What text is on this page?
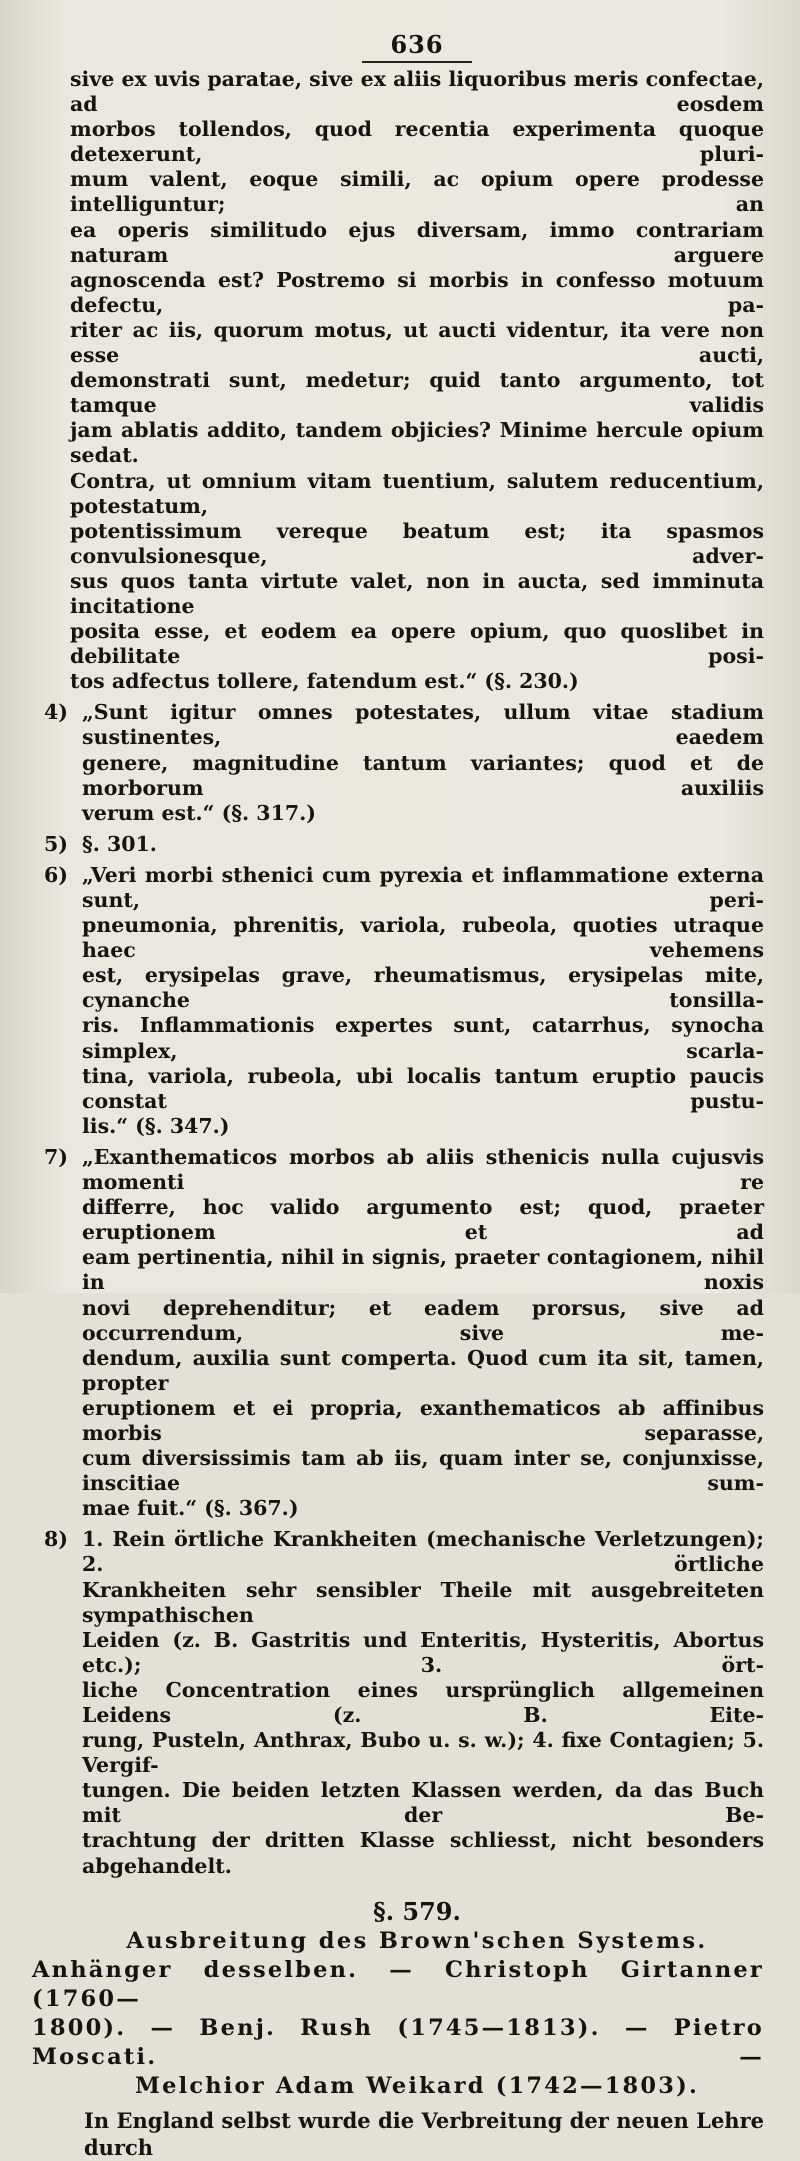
636

sive ex uvis paratae, sive ex aliis liquoribus meris confectae, ad eosdem

morbos tollendos, quod recentia experimenta quoque detexerunt, pluri-

mum valent, eoque simili, ac opium opere prodesse intelliguntur; an

ea operis similitudo ejus diversam, immo contrariam naturam arguere

agnoscenda est? Postremo si morbis in confesso motuum defectu, pa-

riter ac iis, quorum motus, ut aucti videntur, ita vere non esse aucti,

demonstrati sunt, medetur; quid tanto argumento, tot tamque validis

jam ablatis addito, tandem objicies? Minime hercule opium sedat.

Contra, ut omnium vitam tuentium, salutem reducentium, potestatum,

potentissimum vereque beatum est; ita spasmos convulsionesque, adver-

sus quos tanta virtute valet, non in aucta, sed imminuta incitatione

posita esse, et eodem ea opere opium, quo quoslibet in debilitate posi-

tos adfectus tollere, fatendum est.“ (§. 230.)

4) „Sunt igitur omnes potestates, ullum vitae stadium sustinentes, eaedem

genere, magnitudine tantum variantes; quod et de morborum auxiliis

verum est.“ (§. 317.)

5) §. 301.

6) „Veri morbi sthenici cum pyrexia et inflammatione externa sunt, peri-

pneumonia, phrenitis, variola, rubeola, quoties utraque haec vehemens

est, erysipelas grave, rheumatismus, erysipelas mite, cynanche tonsilla-

ris. Inflammationis expertes sunt, catarrhus, synocha simplex, scarla-

tina, variola, rubeola, ubi localis tantum eruptio paucis constat pustu-

lis.“ (§. 347.)

7) „Exanthematicos morbos ab aliis sthenicis nulla cujusvis momenti re

differre, hoc valido argumento est; quod, praeter eruptionem et ad

eam pertinentia, nihil in signis, praeter contagionem, nihil in noxis

novi deprehenditur; et eadem prorsus, sive ad occurrendum, sive me-

dendum, auxilia sunt comperta. Quod cum ita sit, tamen, propter

eruptionem et ei propria, exanthematicos ab affinibus morbis separasse,

cum diversissimis tam ab iis, quam inter se, conjunxisse, inscitiae sum-

mae fuit.“ (§. 367.)

8) 1. Rein örtliche Krankheiten (mechanische Verletzungen); 2. örtliche

Krankheiten sehr sensibler Theile mit ausgebreiteten sympathischen

Leiden (z. B. Gastritis und Enteritis, Hysteritis, Abortus etc.); 3. ört-

liche Concentration eines ursprünglich allgemeinen Leidens (z. B. Eite-

rung, Pusteln, Anthrax, Bubo u. s. w.); 4. fixe Contagien; 5. Vergif-

tungen. Die beiden letzten Klassen werden, da das Buch mit der Be-

trachtung der dritten Klasse schliesst, nicht besonders abgehandelt.

§. 579.

Ausbreitung des Brown'schen Systems.

Anhänger desselben. — Christoph Girtanner (1760—

1800). — Benj. Rush (1745—1813). — Pietro Moscati. —

Melchior Adam Weikard (1742—1803).

In England selbst wurde die Verbreitung der neuen Lehre durch
